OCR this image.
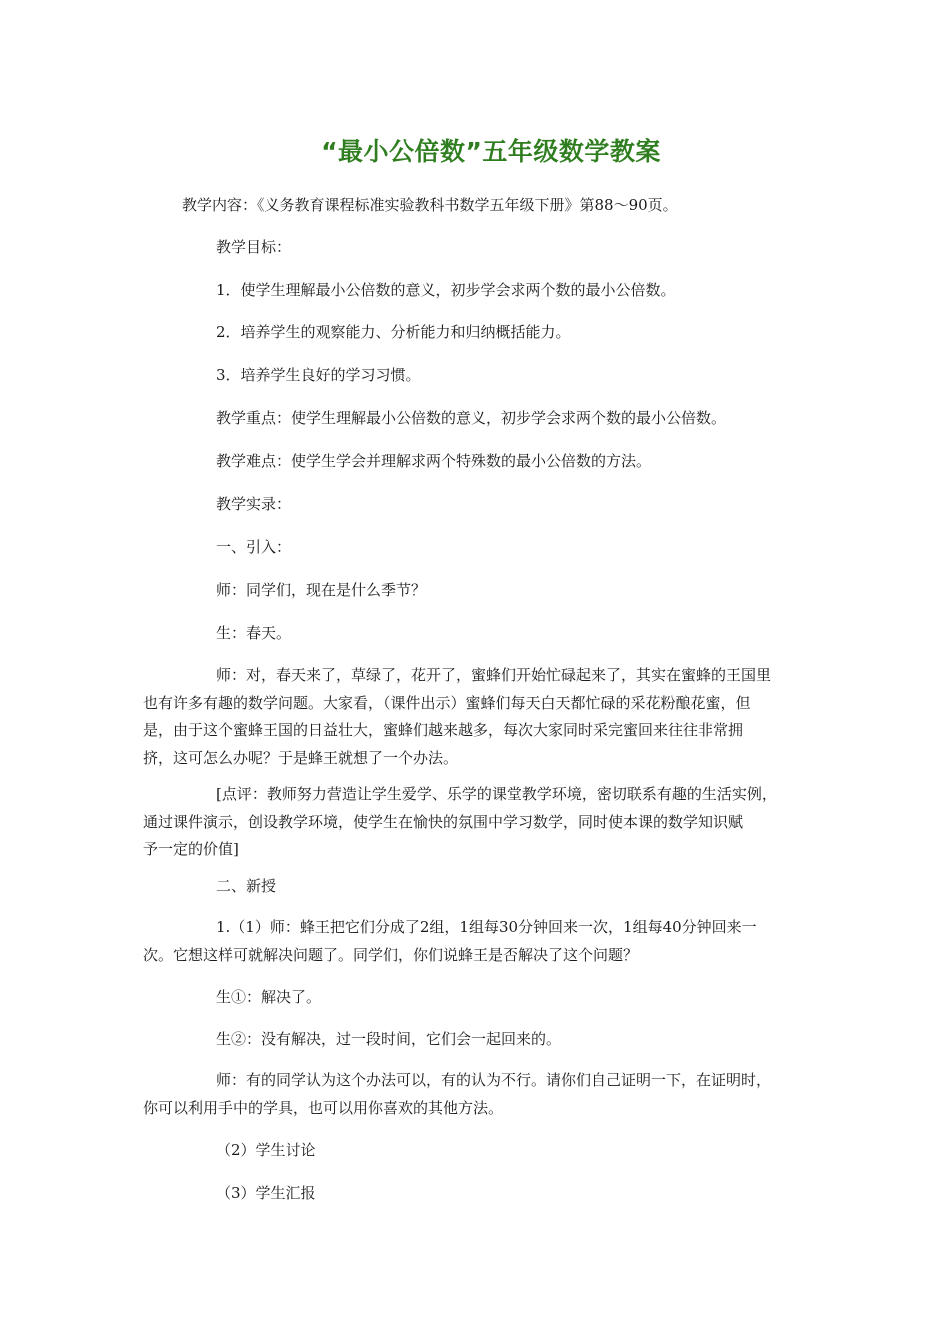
“最小公倍数”五年级数学教案

教学内容：《义务教育课程标准实验教科书数学五年级下册》第88～90页。

教学目标：

1．使学生理解最小公倍数的意义，初步学会求两个数的最小公倍数。

2．培养学生的观察能力、分析能力和归纳概括能力。

3．培养学生良好的学习习惯。

教学重点：使学生理解最小公倍数的意义，初步学会求两个数的最小公倍数。

教学难点：使学生学会并理解求两个特殊数的最小公倍数的方法。

教学实录：

一、引入：

师：同学们，现在是什么季节？

生：春天。

师：对，春天来了，草绿了，花开了，蜜蜂们开始忙碌起来了，其实在蜜蜂的王国里
也有许多有趣的数学问题。大家看，（课件出示）蜜蜂们每天白天都忙碌的采花粉酿花蜜，但
是，由于这个蜜蜂王国的日益壮大，蜜蜂们越来越多，每次大家同时采完蜜回来往往非常拥
挤，这可怎么办呢？于是蜂王就想了一个办法。
[点评：教师努力营造让学生爱学、乐学的课堂教学环境，密切联系有趣的生活实例，
通过课件演示，创设教学环境，使学生在愉快的氛围中学习数学，同时使本课的数学知识赋
予一定的价值]

二、新授

1.（1）师：蜂王把它们分成了2组，1组每30分钟回来一次，1组每40分钟回来一
次。它想这样可就解决问题了。同学们，你们说蜂王是否解决了这个问题？

生①：解决了。

生②：没有解决，过一段时间，它们会一起回来的。

师：有的同学认为这个办法可以，有的认为不行。请你们自己证明一下，在证明时，
你可以利用手中的学具，也可以用你喜欢的其他方法。

（2）学生讨论

（3）学生汇报
